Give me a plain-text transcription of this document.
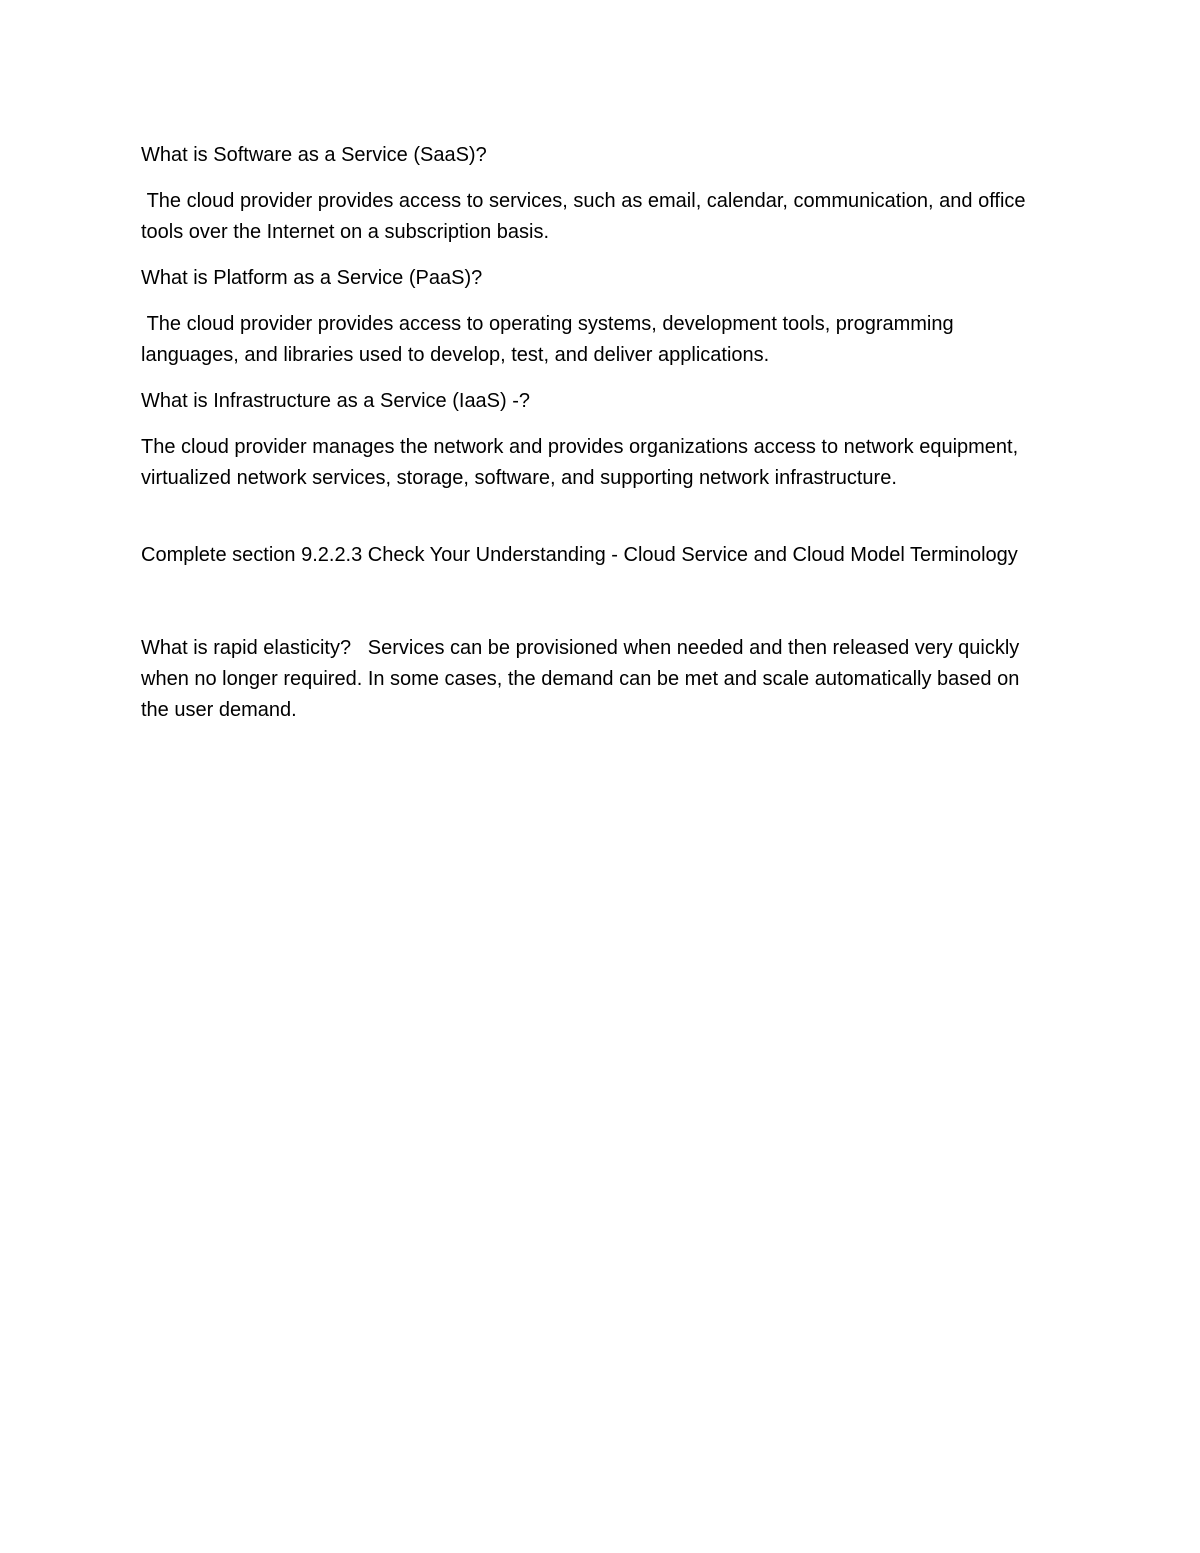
What is Software as a Service (SaaS)?

The cloud provider provides access to services, such as email, calendar, communication, and office tools over the Internet on a subscription basis.

What is Platform as a Service (PaaS)?

The cloud provider provides access to operating systems, development tools, programming languages, and libraries used to develop, test, and deliver applications.

What is Infrastructure as a Service (IaaS) -?

The cloud provider manages the network and provides organizations access to network equipment, virtualized network services, storage, software, and supporting network infrastructure.

Complete section 9.2.2.3 Check Your Understanding - Cloud Service and Cloud Model Terminology

What is rapid elasticity?   Services can be provisioned when needed and then released very quickly when no longer required. In some cases, the demand can be met and scale automatically based on the user demand.
